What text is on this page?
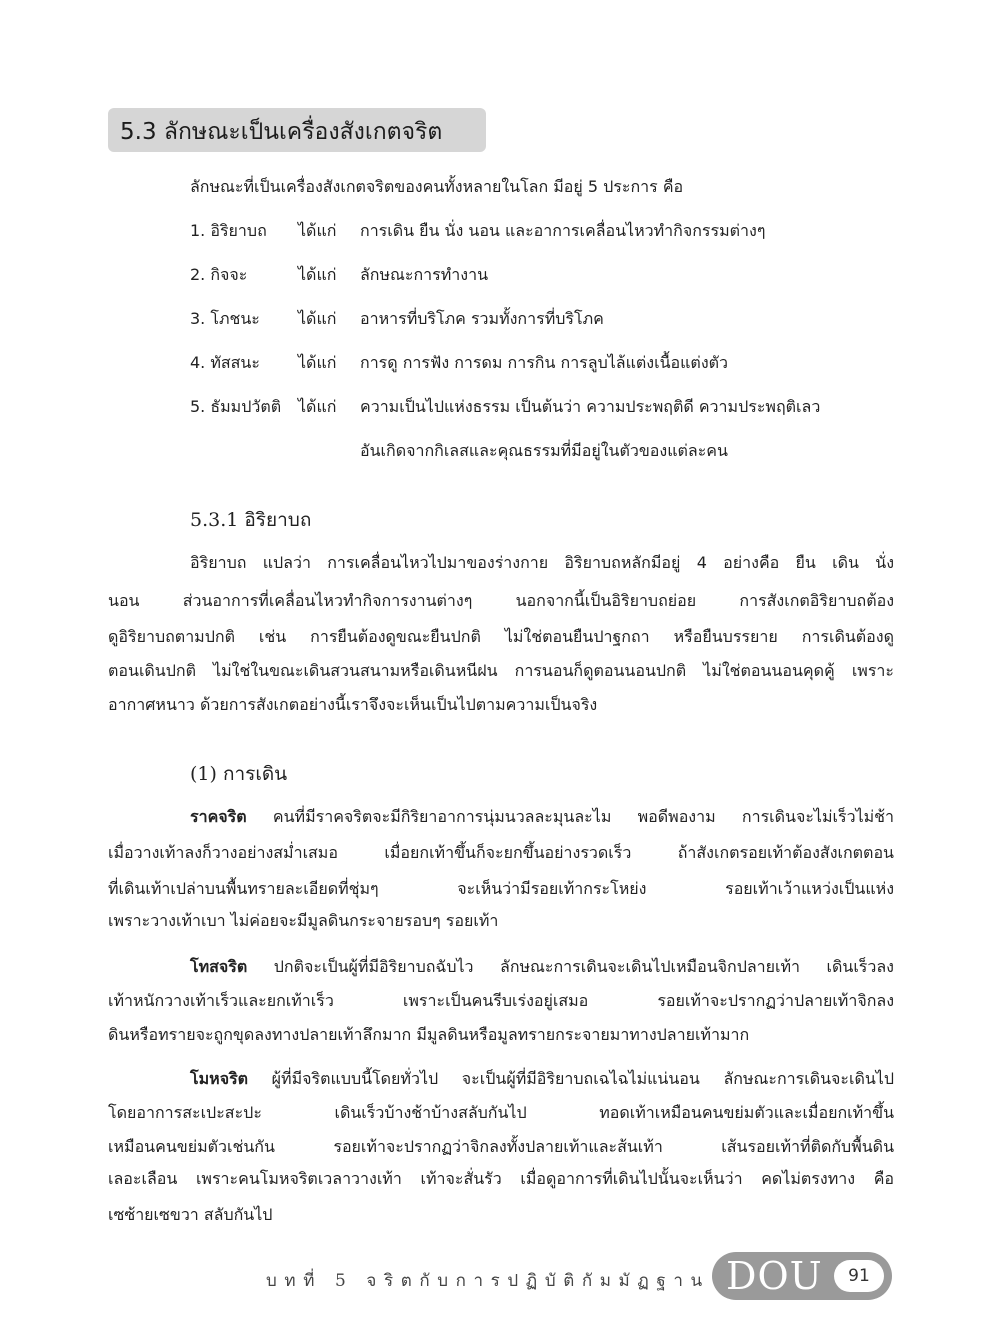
5.3 ลักษณะเป็นเครื่องสังเกตจริต
ลักษณะที่เป็นเครื่องสังเกตจริตของคนทั้งหลายในโลก มีอยู่ 5 ประการ คือ
1. อิริยาบถ ได้แก่ การเดิน ยืน นั่ง นอน และอาการเคลื่อนไหวทำกิจกรรมต่างๆ
2. กิจจะ	ได้แก่ ลักษณะการทำงาน
3. โภชนะ ได้แก่ อาหารที่บริโภค รวมทั้งการที่บริโภค
4. ทัสสนะ ได้แก่ การดู การฟัง การดม การกิน การลูบไล้แต่งเนื้อแต่งตัว
5. ธัมมปวัตติ ได้แก่ ความเป็นไปแห่งธรรม เป็นต้นว่า ความประพฤติดี ความประพฤติเลว
อันเกิดจากกิเลสและคุณธรรมที่มีอยู่ในตัวของแต่ละคน
5.3.1 อิริยาบถ
อิริยาบถ แปลว่า การเคลื่อนไหวไปมาของร่างกาย อิริยาบถหลักมีอยู่ 4 อย่างคือ ยืน เดิน นั่ง
นอน ส่วนอาการที่เคลื่อนไหวทำกิจการงานต่างๆ นอกจากนี้เป็นอิริยาบถย่อย การสังเกตอิริยาบถต้อง
ดูอิริยาบถตามปกติ เช่น การยืนต้องดูขณะยืนปกติ ไม่ใช่ตอนยืนปาฐกถา หรือยืนบรรยาย การเดินต้องดู
ตอนเดินปกติ ไม่ใช่ในขณะเดินสวนสนามหรือเดินหนีฝน การนอนก็ดูตอนนอนปกติ ไม่ใช่ตอนนอนคุดคู้ เพราะ
อากาศหนาว ด้วยการสังเกตอย่างนี้เราจึงจะเห็นเป็นไปตามความเป็นจริง
(1) การเดิน
ราคจริต คนที่มีราคจริตจะมีกิริยาอาการนุ่มนวลละมุนละไม พอดีพองาม การเดินจะไม่เร็วไม่ช้า
เมื่อวางเท้าลงก็วางอย่างสม่ำเสมอ เมื่อยกเท้าขึ้นก็จะยกขึ้นอย่างรวดเร็ว ถ้าสังเกตรอยเท้าต้องสังเกตตอน
ที่เดินเท้าเปล่าบนพื้นทรายละเอียดที่ชุ่มๆ จะเห็นว่ามีรอยเท้ากระโหย่ง รอยเท้าเว้าแหว่งเป็นแห่ง
เพราะวางเท้าเบา ไม่ค่อยจะมีมูลดินกระจายรอบๆ รอยเท้า
โทสจริต ปกติจะเป็นผู้ที่มีอิริยาบถฉับไว ลักษณะการเดินจะเดินไปเหมือนจิกปลายเท้า เดินเร็วลง
เท้าหนักวางเท้าเร็วและยกเท้าเร็ว เพราะเป็นคนรีบเร่งอยู่เสมอ รอยเท้าจะปรากฏว่าปลายเท้าจิกลง
ดินหรือทรายจะถูกขุดลงทางปลายเท้าลึกมาก มีมูลดินหรือมูลทรายกระจายมาทางปลายเท้ามาก
โมหจริต ผู้ที่มีจริตแบบนี้โดยทั่วไป จะเป็นผู้ที่มีอิริยาบถเฉไฉไม่แน่นอน ลักษณะการเดินจะเดินไป
โดยอาการสะเปะสะปะ เดินเร็วบ้างช้าบ้างสลับกันไป ทอดเท้าเหมือนคนขย่มตัวและเมื่อยกเท้าขึ้น
เหมือนคนขย่มตัวเช่นกัน รอยเท้าจะปรากฏว่าจิกลงทั้งปลายเท้าและส้นเท้า เส้นรอยเท้าที่ติดกับพื้นดิน
เลอะเลือน เพราะคนโมหจริตเวลาวางเท้า เท้าจะสั่นรัว เมื่อดูอาการที่เดินไปนั้นจะเห็นว่า คดไม่ตรงทาง คือ
เซซ้ายเซขวา สลับกันไป
บทที่ 5 จริตกับการปฏิบัติกัมมัฏฐาน DOU	91
